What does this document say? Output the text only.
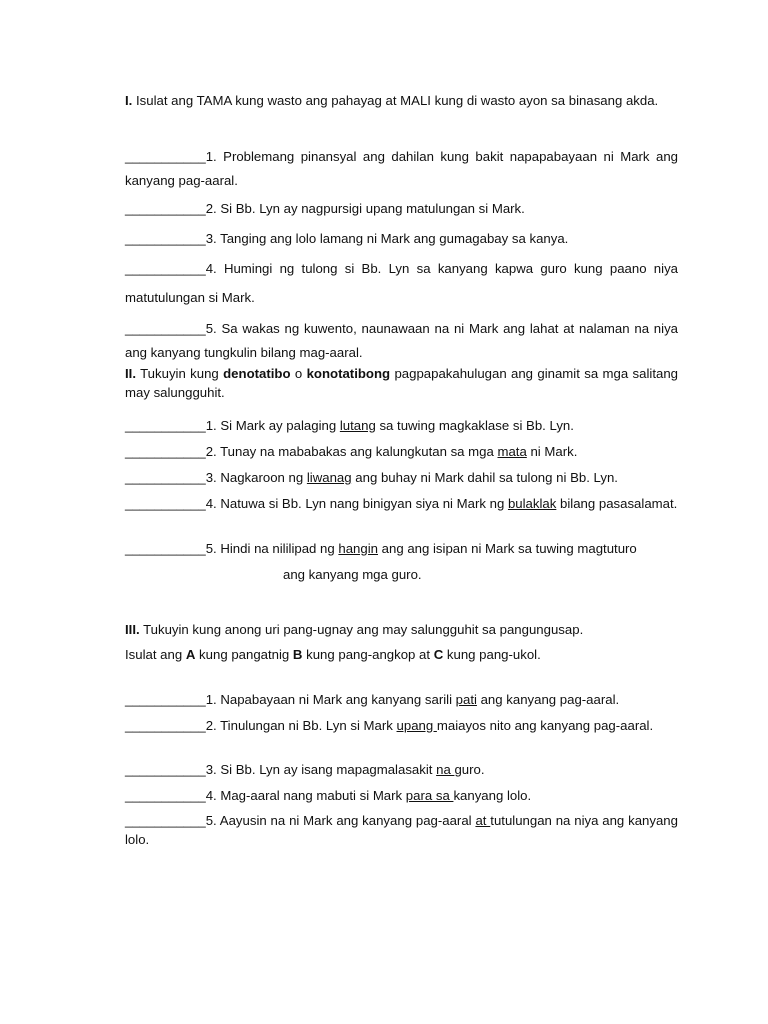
I. Isulat ang TAMA kung wasto ang pahayag at MALI kung di wasto ayon sa binasang akda.
___________1. Problemang pinansyal ang dahilan kung bakit napapabayaan ni Mark ang kanyang pag-aaral.
___________2. Si Bb. Lyn ay nagpursigi upang matulungan si Mark.
___________3. Tanging ang lolo lamang ni Mark ang gumagabay sa kanya.
___________4. Humingi ng tulong si Bb. Lyn sa kanyang kapwa guro kung paano niya matutulungan si Mark.
___________5. Sa wakas ng kuwento, naunawaan na ni Mark ang lahat at nalaman na niya ang kanyang tungkulin bilang mag-aaral.
II. Tukuyin kung denotatibo o konotatibong pagpapakahulugan ang ginamit sa mga salitang may salungguhit.
___________1. Si Mark ay palaging lutang sa tuwing magkaklase si Bb. Lyn.
___________2. Tunay na mababakas ang kalungkutan sa mga mata ni Mark.
___________3. Nagkaroon ng liwanag ang buhay ni Mark dahil sa tulong ni Bb. Lyn.
___________4. Natuwa si Bb. Lyn nang binigyan siya ni Mark ng bulaklak bilang pasasalamat.
___________5. Hindi na nililipad ng hangin ang ang isipan ni Mark sa tuwing magtuturo
ang kanyang mga guro.
III. Tukuyin kung anong uri pang-ugnay ang may salungguhit sa pangungusap.
Isulat ang A kung pangatnig B kung pang-angkop at C kung pang-ukol.
___________1. Napabayaan ni Mark ang kanyang sarili pati ang kanyang pag-aaral.
___________2. Tinulungan ni Bb. Lyn si Mark upang maiayos nito ang kanyang pag-aaral.
___________3. Si Bb. Lyn ay isang mapagmalasakit na guro.
___________4. Mag-aaral nang mabuti si Mark para sa kanyang lolo.
___________5. Aayusin na ni Mark ang kanyang pag-aaral at tutulungan na niya ang kanyang lolo.
